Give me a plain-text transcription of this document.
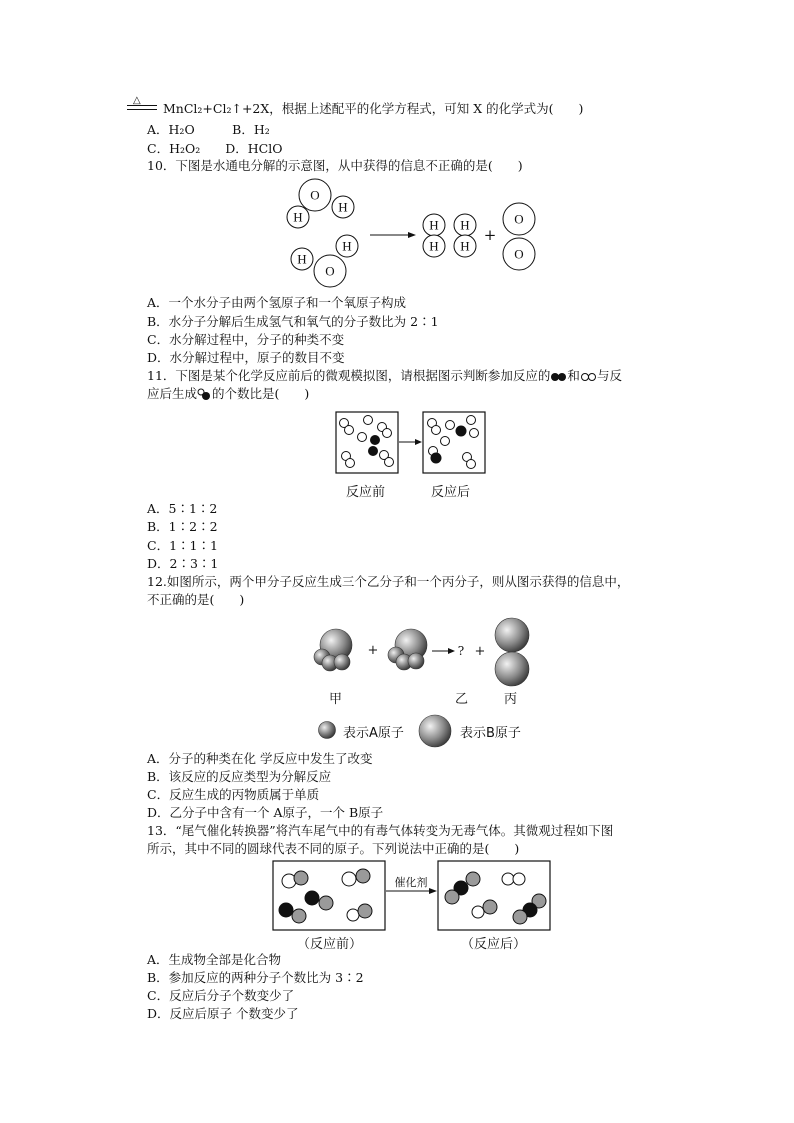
△
MnCl₂+Cl₂↑+2X，根据上述配平的化学方程式，可知 X 的化学式为(　　)
A．H₂O　　　B．H₂
C．H₂O₂　　D．HClO
10．下图是水通电分解的示意图，从中获得的信息不正确的是(　　)
O
H
H
H
H
O
H H
H H
O
O
+
A．一个水分子由两个氢原子和一个氧原子构成
B．水分子分解后生成氢气和氧气的分子数比为 2∶1
C．水分解过程中，分子的种类不变
D．水分解过程中，原子的数目不变
11．下图是某个化学反应前后的微观模拟图，请根据图示判断参加反应的 和 与反
应后生成 的个数比是(　　)
反应前	反应后
A．5∶1∶2
B．1∶2∶2
C．1∶1∶1
D．2∶3∶1
12.如图所示，两个甲分子反应生成三个乙分子和一个丙分子，则从图示获得的信息中，
不正确的是(　　)
+	? +
甲	乙	丙
表示A原子	表示B原子
A．分子的种类在化 学反应中发生了改变
B．该反应的反应类型为分解反应
C．反应生成的丙物质属于单质
D．乙分子中含有一个 A原子，一个 B原子
13．“尾气催化转换器”将汽车尾气中的有毒气体转变为无毒气体。其微观过程如下图
所示，其中不同的圆球代表不同的原子。下列说法中正确的是(　　)
催化剂
（反应前）	（反应后）
A．生成物全部是化合物
B．参加反应的两种分子个数比为 3∶2
C．反应后分子个数变少了
D．反应后原子 个数变少了
